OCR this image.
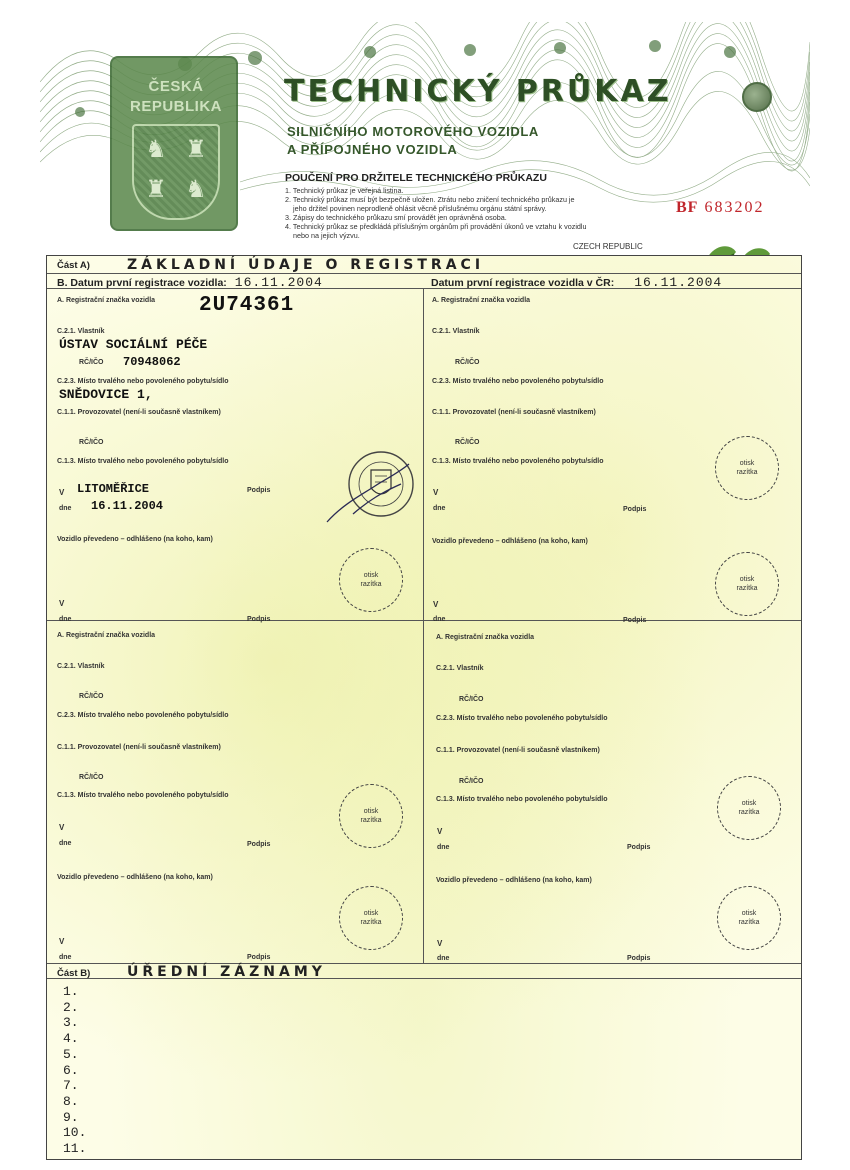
ČESKÁ
REPUBLIKA
♞ ♜
♜ ♞
TECHNICKÝ PRŮKAZ
SILNIČNÍHO MOTOROVÉHO VOZIDLA
A PŘÍPOJNÉHO VOZIDLA
POUČENÍ PRO DRŽITELE TECHNICKÉHO PRŮKAZU
1. Technický průkaz je veřejná listina.
2. Technický průkaz musí být bezpečně uložen. Ztrátu nebo zničení technického průkazu je
jeho držitel povinen neprodleně ohlásit věcně příslušnému orgánu státní správy.
3. Zápisy do technického průkazu smí provádět jen oprávněná osoba.
4. Technický průkaz se předkládá příslušným orgánům při provádění úkonů ve vztahu k vozidlu
nebo na jejich výzvu.
BF 683202
CZECH REPUBLIC
Část A)	ZÁKLADNÍ ÚDAJE O REGISTRACI
B. Datum první registrace vozidla: 16.11.2004	Datum první registrace vozidla v ČR: 16.11.2004
A. Registrační značka vozidla 2U74361
C.2.1. Vlastník
ÚSTAV SOCIÁLNÍ PÉČE
RČ/IČO 70948062
C.2.3. Místo trvalého nebo povoleného pobytu/sídlo
SNĚDOVICE 1,
C.1.1. Provozovatel (není-li současně vlastníkem)
RČ/IČO
C.1.3. Místo trvalého nebo povoleného pobytu/sídlo
V LITOMĚŘICE
dne 16.11.2004
Podpis
Vozidlo převedeno – odhlášeno (na koho, kam)
otisk
razítka
V
dne	Podpis
A. Registrační značka vozidla
C.2.1. Vlastník
RČ/IČO
C.2.3. Místo trvalého nebo povoleného pobytu/sídlo
C.1.1. Provozovatel (není-li současně vlastníkem)
RČ/IČO
C.1.3. Místo trvalého nebo povoleného pobytu/sídlo	otisk
razítka
V
dne	Podpis
Vozidlo převedeno – odhlášeno (na koho, kam)
otisk
razítka
V
dne	Podpis
A. Registrační značka vozidla
C.2.1. Vlastník
RČ/IČO
C.2.3. Místo trvalého nebo povoleného pobytu/sídlo
C.1.1. Provozovatel (není-li současně vlastníkem)
RČ/IČO
C.1.3. Místo trvalého nebo povoleného pobytu/sídlo
otisk
razítka
V
dne	Podpis
Vozidlo převedeno – odhlášeno (na koho, kam)
otisk
razítka
V
dne	Podpis
A. Registrační značka vozidla
C.2.1. Vlastník
RČ/IČO
C.2.3. Místo trvalého nebo povoleného pobytu/sídlo
C.1.1. Provozovatel (není-li současně vlastníkem)
RČ/IČO
C.1.3. Místo trvalého nebo povoleného pobytu/sídlo
otisk
razítka
V
dne	Podpis
Vozidlo převedeno – odhlášeno (na koho, kam)
otisk
razítka
V
dne	Podpis
Část B)	ÚŘEDNÍ ZÁZNAMY
1.
2.
3.
4.
5.
6.
7.
8.
9.
10.
11.
